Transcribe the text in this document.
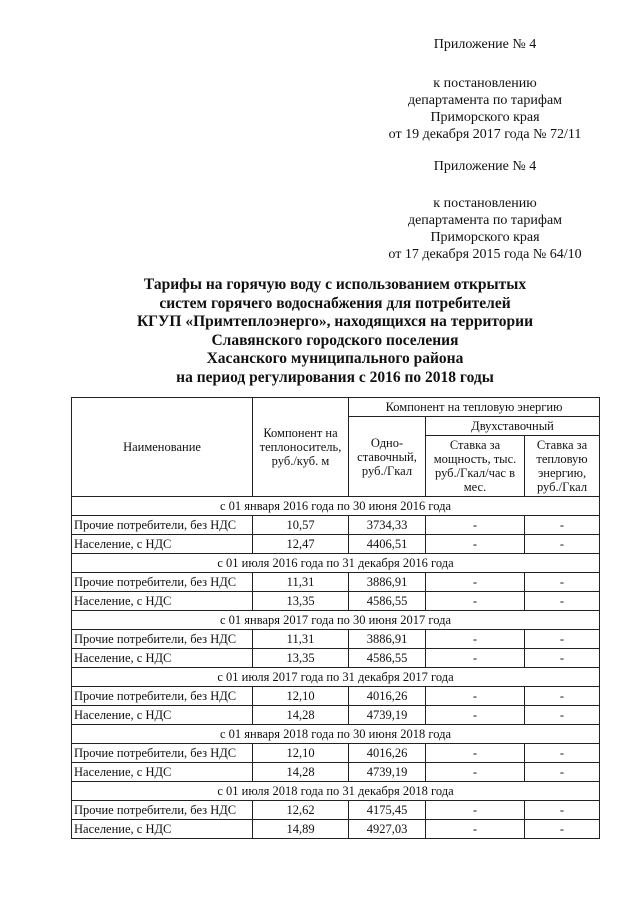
Приложение № 4
к постановлению
департамента по тарифам
Приморского края
от 19 декабря 2017 года № 72/11
Приложение № 4
к постановлению
департамента по тарифам
Приморского края
от 17 декабря 2015 года № 64/10
Тарифы на горячую воду с использованием открытых
систем горячего водоснабжения для потребителей
КГУП «Примтеплоэнерго», находящихся на территории
Славянского городского поселения
Хасанского муниципального района
на период регулирования с 2016 по 2018 годы
Наименование	Компонент на теплоноситель, руб./куб. м	Компонент на тепловую энергию		
		Одно-ставочный, руб./Гкал	Двухставочный	
			Ставка за мощность, тыс. руб./Гкал/час в мес.	Ставка за тепловую энергию, руб./Гкал
с 01 января 2016 года по 30 июня 2016 года				
Прочие потребители, без НДС	10,57	3734,33	-	-
Население, с НДС	12,47	4406,51	-	-
с 01 июля 2016 года по 31 декабря 2016 года				
Прочие потребители, без НДС	11,31	3886,91	-	-
Население, с НДС	13,35	4586,55	-	-
с 01 января 2017 года по 30 июня 2017 года				
Прочие потребители, без НДС	11,31	3886,91	-	-
Население, с НДС	13,35	4586,55	-	-
с 01 июля 2017 года по 31 декабря 2017 года				
Прочие потребители, без НДС	12,10	4016,26	-	-
Население, с НДС	14,28	4739,19	-	-
с 01 января 2018 года по 30 июня 2018 года				
Прочие потребители, без НДС	12,10	4016,26	-	-
Население, с НДС	14,28	4739,19	-	-
с 01 июля 2018 года по 31 декабря 2018 года				
Прочие потребители, без НДС	12,62	4175,45	-	-
Население, с НДС	14,89	4927,03	-	-
